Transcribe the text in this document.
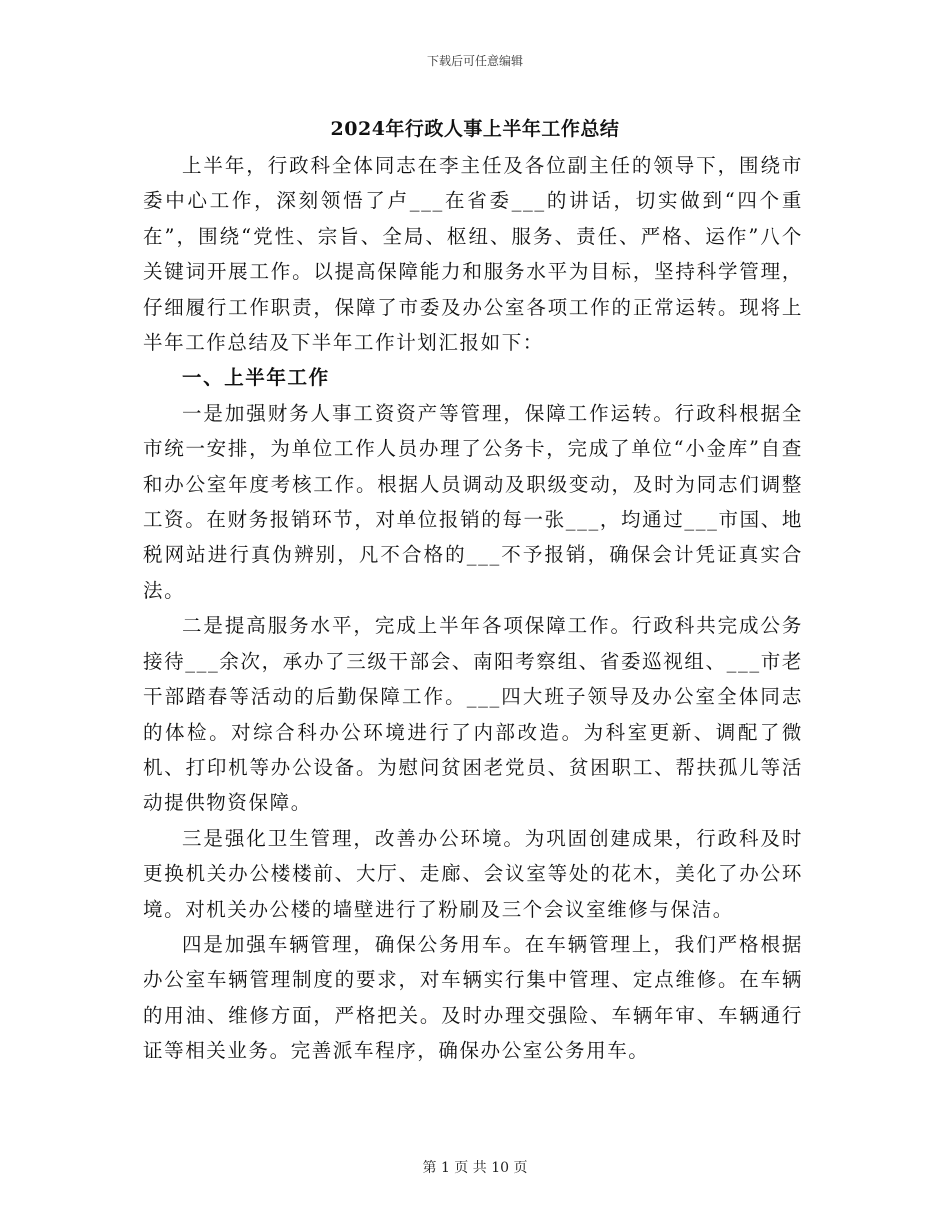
下载后可任意编辑
2024年行政人事上半年工作总结

上半年，行政科全体同志在李主任及各位副主任的领导下，围绕市委中心工作，深刻领悟了卢___在省委___的讲话，切实做到“四个重在”，围绕“党性、宗旨、全局、枢纽、服务、责任、严格、运作”八个关键词开展工作。以提高保障能力和服务水平为目标，坚持科学管理，仔细履行工作职责，保障了市委及办公室各项工作的正常运转。现将上半年工作总结及下半年工作计划汇报如下：

一、上半年工作

一是加强财务人事工资资产等管理，保障工作运转。行政科根据全市统一安排，为单位工作人员办理了公务卡，完成了单位“小金库”自查和办公室年度考核工作。根据人员调动及职级变动，及时为同志们调整工资。在财务报销环节，对单位报销的每一张___，均通过___市国、地税网站进行真伪辨别，凡不合格的___不予报销，确保会计凭证真实合法。

二是提高服务水平，完成上半年各项保障工作。行政科共完成公务接待___余次，承办了三级干部会、南阳考察组、省委巡视组、___市老干部踏春等活动的后勤保障工作。___四大班子领导及办公室全体同志的体检。对综合科办公环境进行了内部改造。为科室更新、调配了微机、打印机等办公设备。为慰问贫困老党员、贫困职工、帮扶孤儿等活动提供物资保障。

三是强化卫生管理，改善办公环境。为巩固创建成果，行政科及时更换机关办公楼楼前、大厅、走廊、会议室等处的花木，美化了办公环境。对机关办公楼的墙壁进行了粉刷及三个会议室维修与保洁。

四是加强车辆管理，确保公务用车。在车辆管理上，我们严格根据办公室车辆管理制度的要求，对车辆实行集中管理、定点维修。在车辆的用油、维修方面，严格把关。及时办理交强险、车辆年审、车辆通行证等相关业务。完善派车程序，确保办公室公务用车。

第 1 页 共 10 页
